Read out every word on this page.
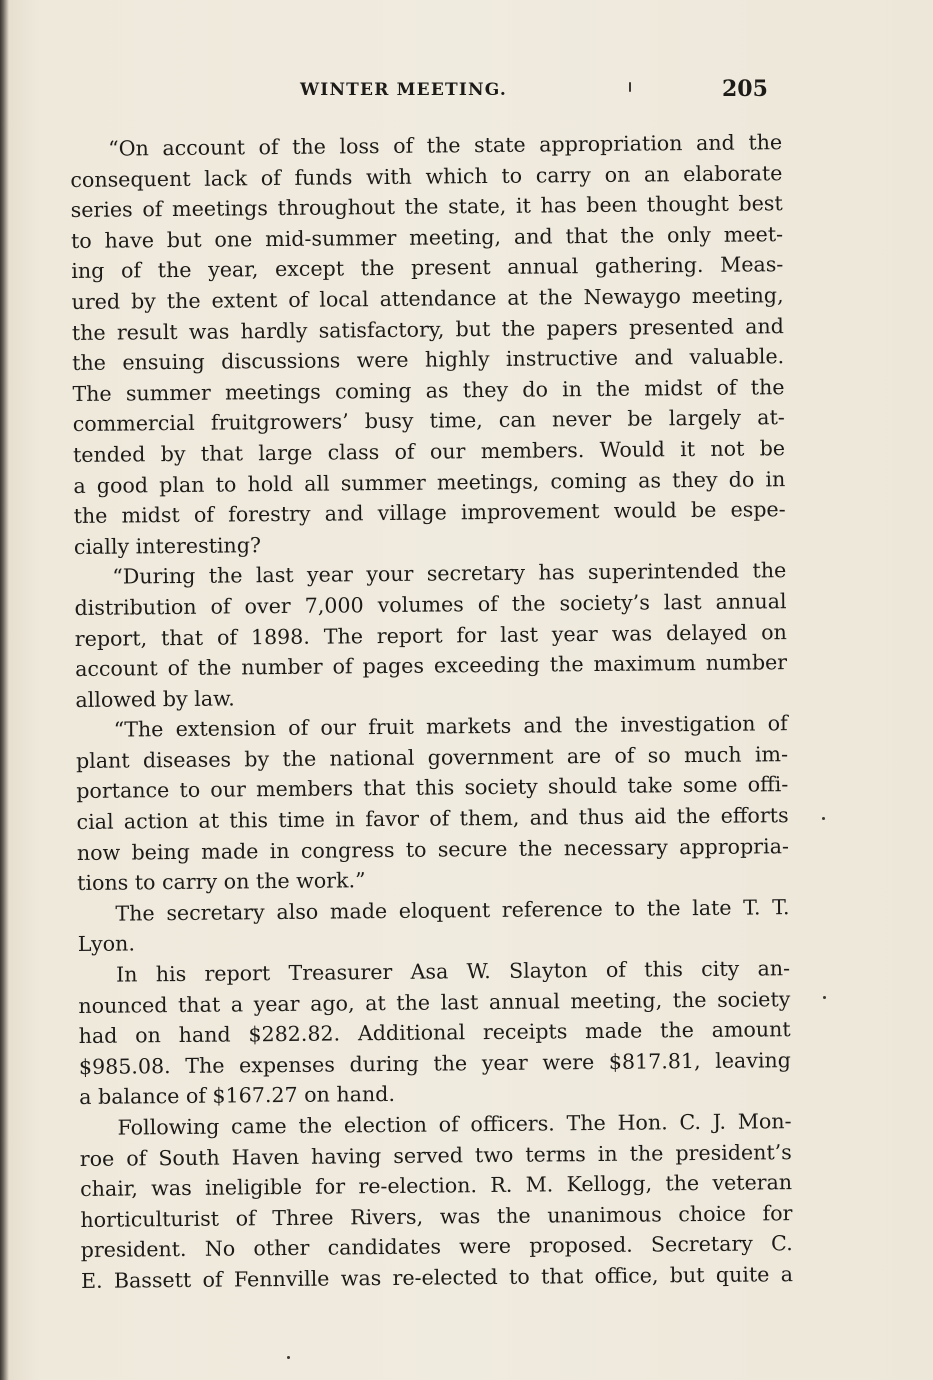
WINTER MEETING.	205
“On account of the loss of the state appropriation and the
consequent lack of funds with which to carry on an elaborate
series of meetings throughout the state, it has been thought best
to have but one mid-summer meeting, and that the only meet-
ing of the year, except the present annual gathering. Meas-
ured by the extent of local attendance at the Newaygo meeting,
the result was hardly satisfactory, but the papers presented and
the ensuing discussions were highly instructive and valuable.
The summer meetings coming as they do in the midst of the
commercial fruitgrowers’ busy time, can never be largely at-
tended by that large class of our members. Would it not be
a good plan to hold all summer meetings, coming as they do in
the midst of forestry and village improvement would be espe-
cially interesting?
“During the last year your secretary has superintended the
distribution of over 7,000 volumes of the society’s last annual
report, that of 1898. The report for last year was delayed on
account of the number of pages exceeding the maximum number
allowed by law.
“The extension of our fruit markets and the investigation of
plant diseases by the national government are of so much im-
portance to our members that this society should take some offi-
cial action at this time in favor of them, and thus aid the efforts
now being made in congress to secure the necessary appropria-
tions to carry on the work.”
The secretary also made eloquent reference to the late T. T.
Lyon.
In his report Treasurer Asa W. Slayton of this city an-
nounced that a year ago, at the last annual meeting, the society
had on hand $282.82. Additional receipts made the amount
$985.08. The expenses during the year were $817.81, leaving
a balance of $167.27 on hand.
Following came the election of officers. The Hon. C. J. Mon-
roe of South Haven having served two terms in the president’s
chair, was ineligible for re-election. R. M. Kellogg, the veteran
horticulturist of Three Rivers, was the unanimous choice for
president. No other candidates were proposed. Secretary C.
E. Bassett of Fennville was re-elected to that office, but quite a
